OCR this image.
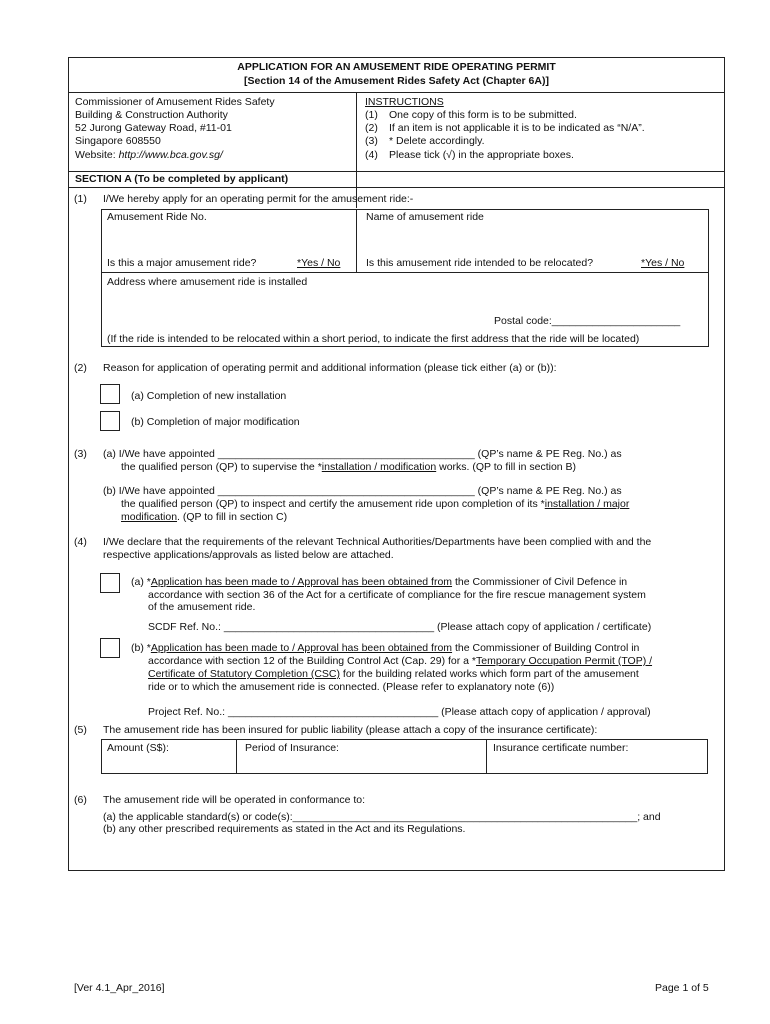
APPLICATION FOR AN AMUSEMENT RIDE OPERATING PERMIT
[Section 14 of the Amusement Rides Safety Act (Chapter 6A)]
Commissioner of Amusement Rides Safety
Building & Construction Authority
52 Jurong Gateway Road, #11-01
Singapore 608550
Website: http://www.bca.gov.sg/
INSTRUCTIONS
(1)	One copy of this form is to be submitted.
(2)	If an item is not applicable it is to be indicated as “N/A”.
(3)	* Delete accordingly.
(4)	Please tick (√) in the appropriate boxes.
SECTION A (To be completed by applicant)
(1) I/We hereby apply for an operating permit for the amusement ride:-
Amusement Ride No.	Name of amusement ride
Is this a major amusement ride?	*Yes / No Is this amusement ride intended to be relocated?	*Yes / No
Address where amusement ride is installed
Postal code:______________________
(If the ride is intended to be relocated within a short period, to indicate the first address that the ride will be located)
(2) Reason for application of operating permit and additional information (please tick either (a) or (b)):
(a) Completion of new installation
(b) Completion of major modification
(3) (a) I/We have appointed ____________________________________________ (QP’s name & PE Reg. No.) as
the qualified person (QP) to supervise the *installation / modification works. (QP to fill in section B)
(b) I/We have appointed ____________________________________________ (QP’s name & PE Reg. No.) as
the qualified person (QP) to inspect and certify the amusement ride upon completion of its *installation / major
modification. (QP to fill in section C)
(4) I/We declare that the requirements of the relevant Technical Authorities/Departments have been complied with and the
respective applications/approvals as listed below are attached.
(a) *Application has been made to / Approval has been obtained from the Commissioner of Civil Defence in
accordance with section 36 of the Act for a certificate of compliance for the fire rescue management system
of the amusement ride.
SCDF Ref. No.: ____________________________________ (Please attach copy of application / certificate)
(b) *Application has been made to / Approval has been obtained from the Commissioner of Building Control in
accordance with section 12 of the Building Control Act (Cap. 29) for a *Temporary Occupation Permit (TOP) /
Certificate of Statutory Completion (CSC) for the building related works which form part of the amusement
ride or to which the amusement ride is connected. (Please refer to explanatory note (6))
Project Ref. No.: ____________________________________ (Please attach copy of application / approval)
(5) The amusement ride has been insured for public liability (please attach a copy of the insurance certificate):
Amount (S$):	Period of Insurance:	Insurance certificate number:
(6) The amusement ride will be operated in conformance to:
(a) the applicable standard(s) or code(s):___________________________________________________________; and
(b) any other prescribed requirements as stated in the Act and its Regulations.
[Ver 4.1_Apr_2016]	Page 1 of 5
